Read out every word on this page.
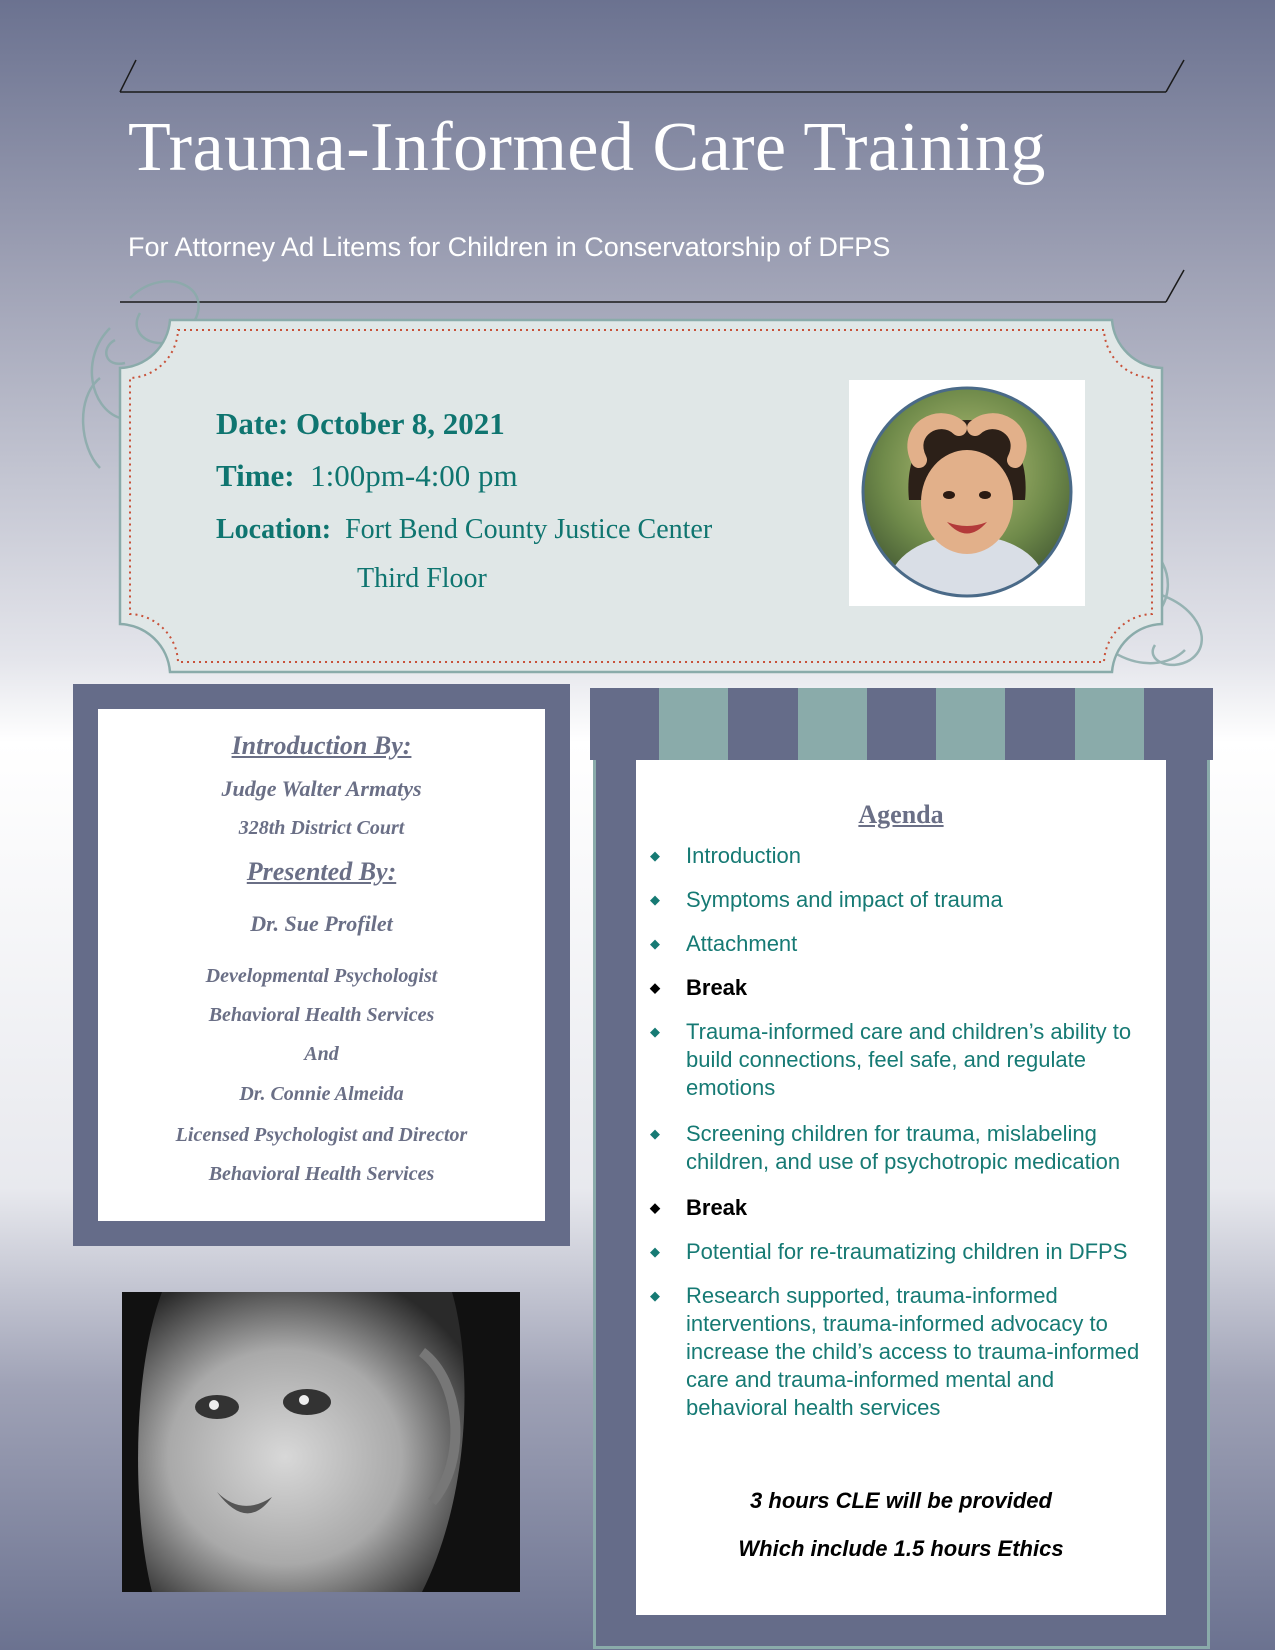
Trauma-Informed Care Training

For Attorney Ad Litems for Children in Conservatorship of DFPS

Date: October 8, 2021
Time: 1:00pm-4:00 pm
Location: Fort Bend County Justice Center
Third Floor
Introduction By:
Judge Walter Armatys
328th District Court
Presented By:
Dr. Sue Profilet
Developmental Psychologist
Behavioral Health Services
And
Dr. Connie Almeida
Licensed Psychologist and Director
Behavioral Health Services
Agenda
◆ Introduction
◆ Symptoms and impact of trauma
◆ Attachment
◆ Break
◆ Trauma-informed care and children’s ability to build connections, feel safe, and regulate emotions
◆ Screening children for trauma, mislabeling children, and use of psychotropic medication
◆ Break
◆ Potential for re-traumatizing children in DFPS
◆ Research supported, trauma-informed interventions, trauma-informed advocacy to increase the child’s access to trauma-informed care and trauma-informed mental and behavioral health services
3 hours CLE will be provided
Which include 1.5 hours Ethics
